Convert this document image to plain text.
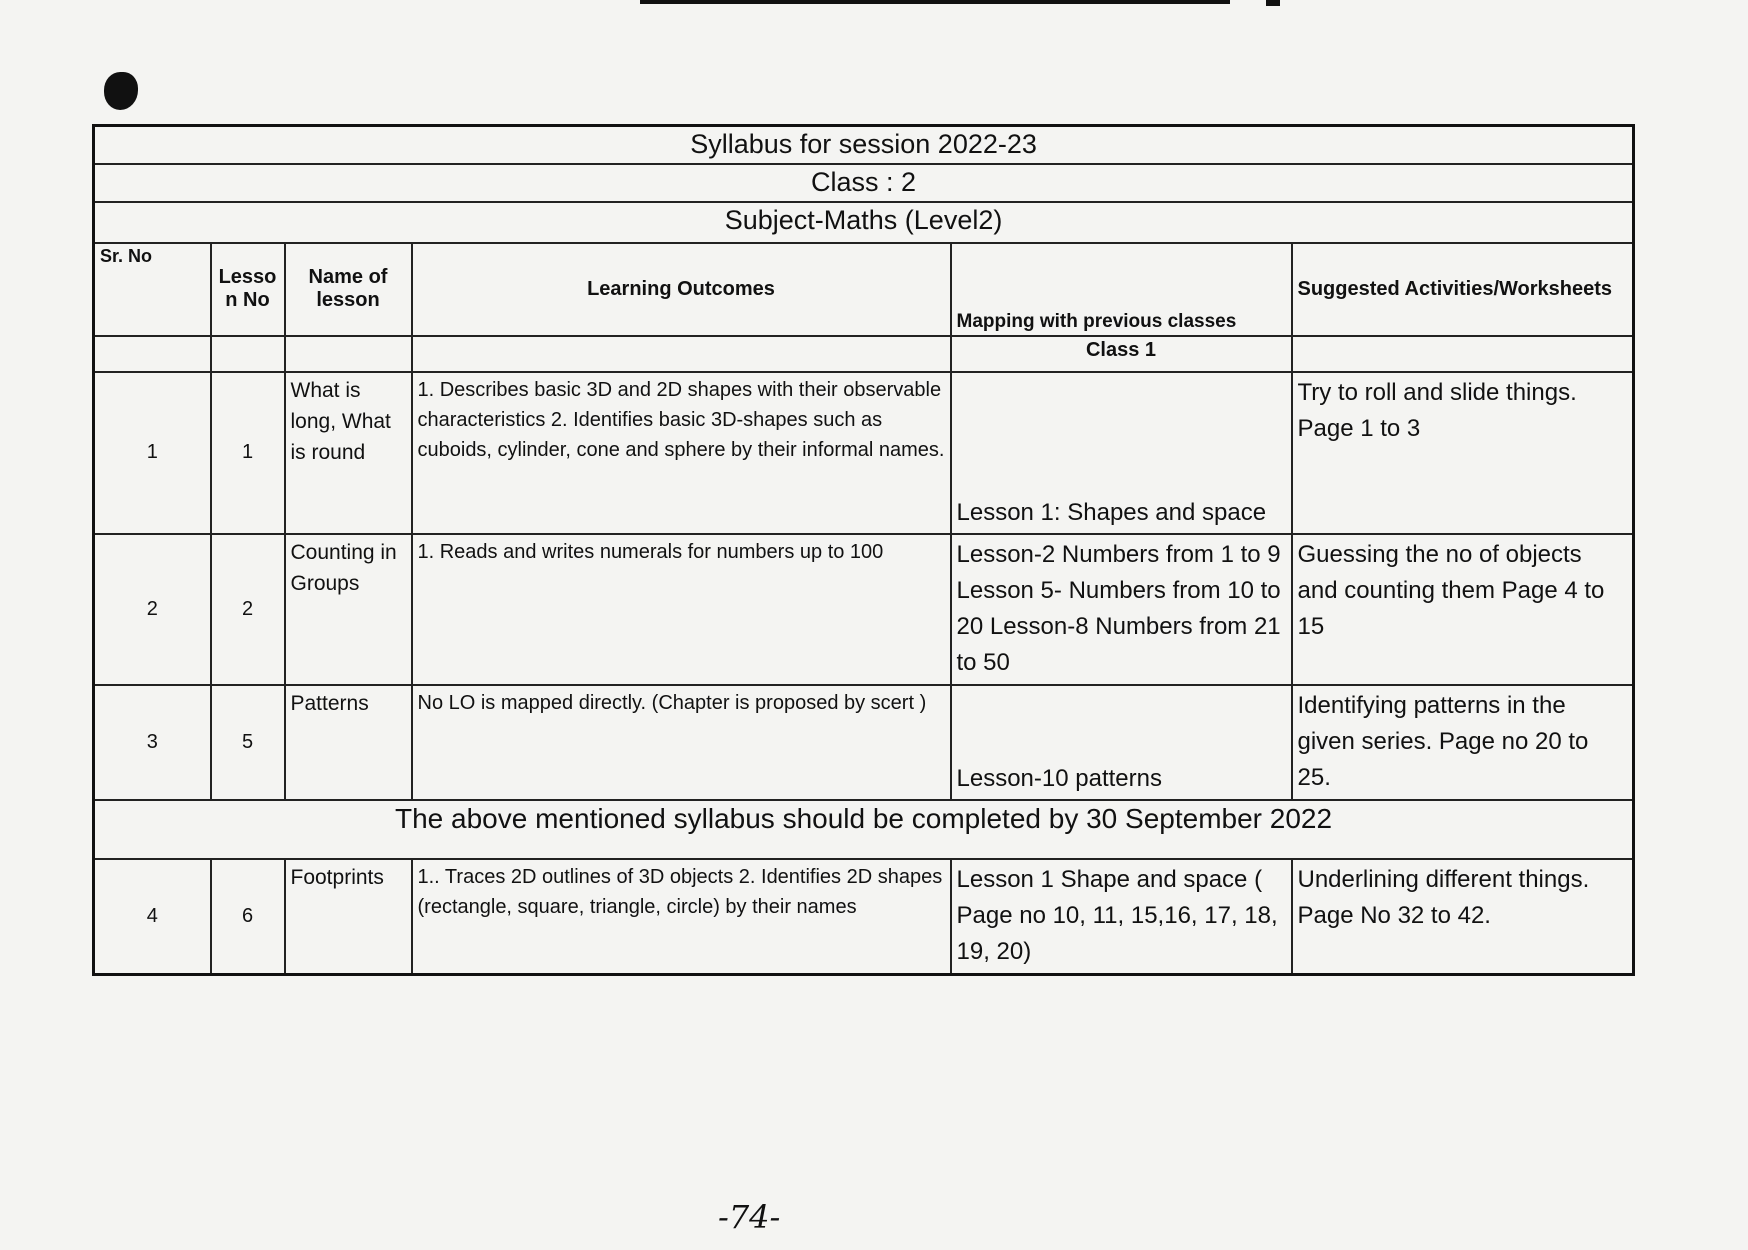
Syllabus for session 2022-23					
Class : 2					
Subject-Maths (Level2)					
Sr. No	Lesso n No	Name of lesson	Learning Outcomes	Mapping with previous classes	Suggested Activities/Worksheets
				Class 1	
1	1	What is long, What is round	1. Describes basic 3D and 2D shapes with their observable characteristics 2. Identifies basic 3D-shapes such as cuboids, cylinder, cone and sphere by their informal names.	Lesson 1: Shapes and space	Try to roll and slide things. Page 1 to 3
2	2	Counting in Groups	1. Reads and writes numerals for numbers up to 100	Lesson-2 Numbers from 1 to 9 Lesson 5- Numbers from 10 to 20 Lesson-8 Numbers from 21 to 50	Guessing the no of objects and counting them Page 4 to 15
3	5	Patterns	No LO is mapped directly. (Chapter is proposed by scert )	Lesson-10 patterns	Identifying patterns in the given series. Page no 20 to 25.
The above mentioned syllabus should be completed by 30 September 2022					
4	6	Footprints	1.. Traces 2D outlines of 3D objects 2. Identifies 2D shapes (rectangle, square, triangle, circle) by their names	Lesson 1 Shape and space ( Page no 10, 11, 15,16, 17, 18, 19, 20)	Underlining different things. Page No 32 to 42.
-74-
